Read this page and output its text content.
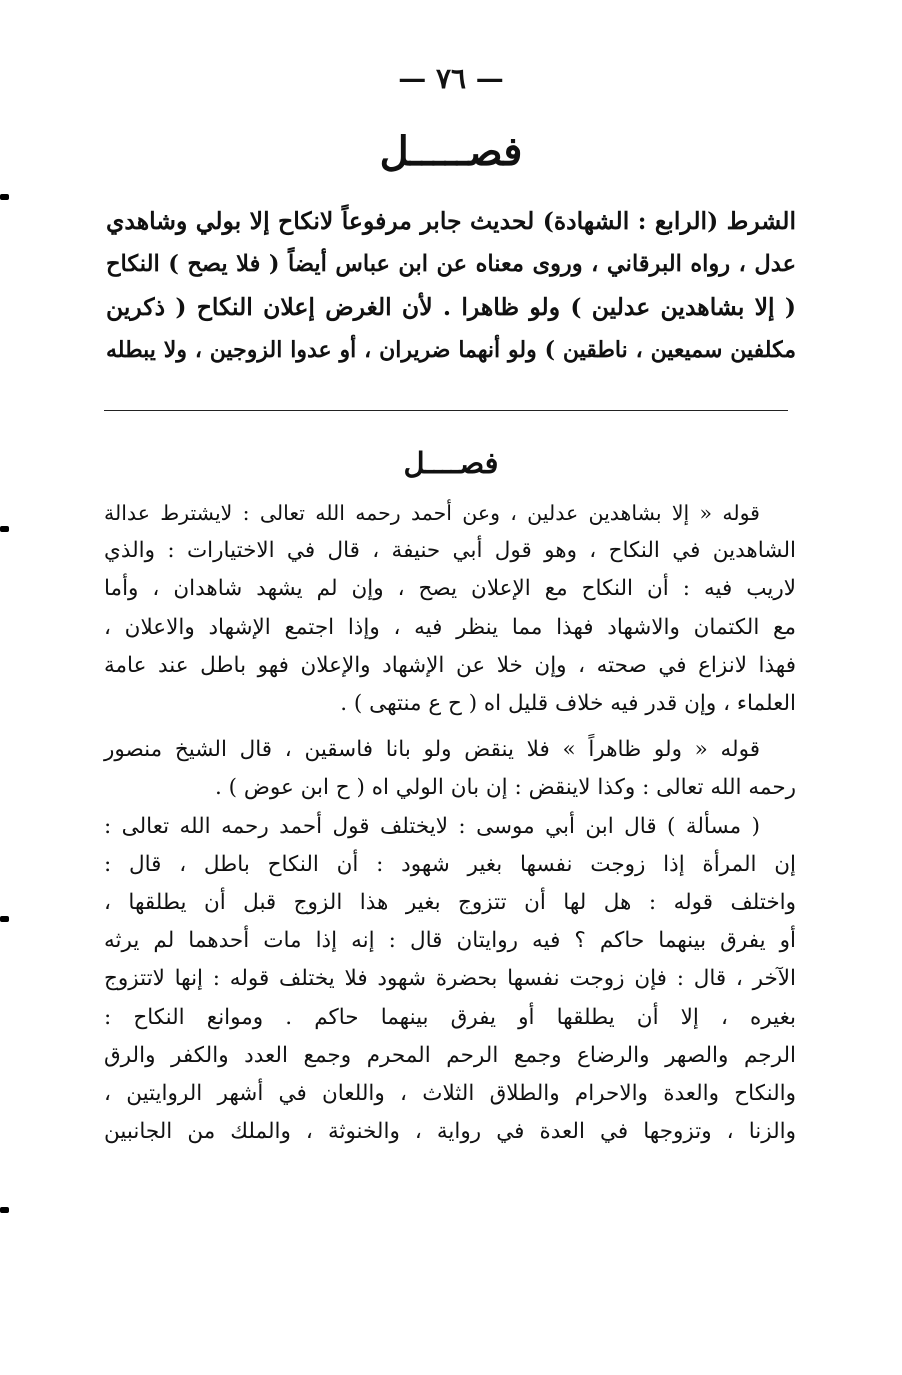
— ٧٦ —
فصـــــل
الشرط (الرابع : الشهادة) لحديث جابر مرفوعاً لانكاح إلا بولي وشاهدي
عدل ، رواه البرقاني ، وروى معناه عن ابن عباس أيضاً ( فلا يصح ) النكاح
( إلا بشاهدين عدلين ) ولو ظاهرا . لأن الغرض إعلان النكاح ( ذكرين
مكلفين سميعين ، ناطقين ) ولو أنهما ضريران ، أو عدوا الزوجين ، ولا يبطله
فصــــل
قوله « إلا بشاهدين عدلين ، وعن أحمد رحمه الله تعالى : لايشترط عدالة
الشاهدين في النكاح ، وهو قول أبي حنيفة ، قال في الاختيارات : والذي
لاريب فيه : أن النكاح مع الإعلان يصح ، وإن لم يشهد شاهدان ، وأما
مع الكتمان والاشهاد فهذا مما ينظر فيه ، وإذا اجتمع الإشهاد والاعلان ،
فهذا لانزاع في صحته ، وإن خلا عن الإشهاد والإعلان فهو باطل عند عامة
العلماء ، وإن قدر فيه خلاف قليل اه ( ح ع منتهى ) .
قوله « ولو ظاهراً » فلا ينقض ولو بانا فاسقين ، قال الشيخ منصور
رحمه الله تعالى : وكذا لاينقض : إن بان الولي اه ( ح ابن عوض ) .
( مسألة ) قال ابن أبي موسى : لايختلف قول أحمد رحمه الله تعالى :
إن المرأة إذا زوجت نفسها بغير شهود : أن النكاح باطل ، قال :
واختلف قوله : هل لها أن تتزوج بغير هذا الزوج قبل أن يطلقها ،
أو يفرق بينهما حاكم ؟ فيه روايتان قال : إنه إذا مات أحدهما لم يرثه
الآخر ، قال : فإن زوجت نفسها بحضرة شهود فلا يختلف قوله : إنها لاتتزوج
بغيره ، إلا أن يطلقها أو يفرق بينهما حاكم . وموانع النكاح :
الرجم والصهر والرضاع وجمع الرحم المحرم وجمع العدد والكفر والرق
والنكاح والعدة والاحرام والطلاق الثلاث ، واللعان في أشهر الروايتين ،
والزنا ، وتزوجها في العدة في رواية ، والخنوثة ، والملك من الجانبين
